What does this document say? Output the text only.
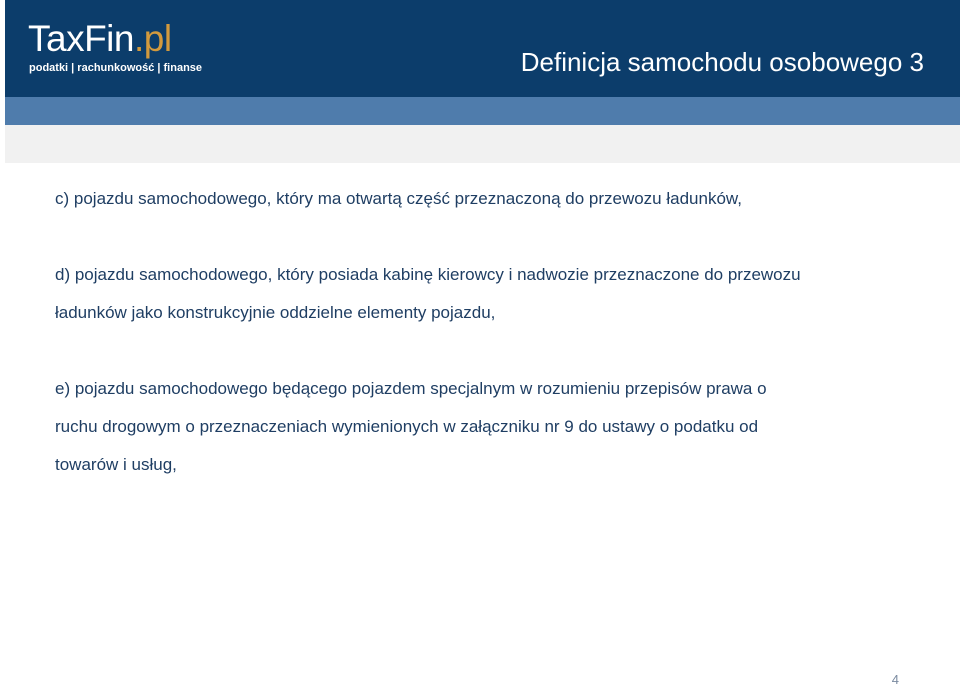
TaxFin.pl
podatki | rachunkowość | finanse	Definicja samochodu osobowego 3

c) pojazdu samochodowego, który ma otwartą część przeznaczoną do przewozu ładunków,

d) pojazdu samochodowego, który posiada kabinę kierowcy i nadwozie przeznaczone do przewozu
ładunków jako konstrukcyjnie oddzielne elementy pojazdu,

e) pojazdu samochodowego będącego pojazdem specjalnym w rozumieniu przepisów prawa o
ruchu drogowym o przeznaczeniach wymienionych w załączniku nr 9 do ustawy o podatku od
towarów i usług,

4
